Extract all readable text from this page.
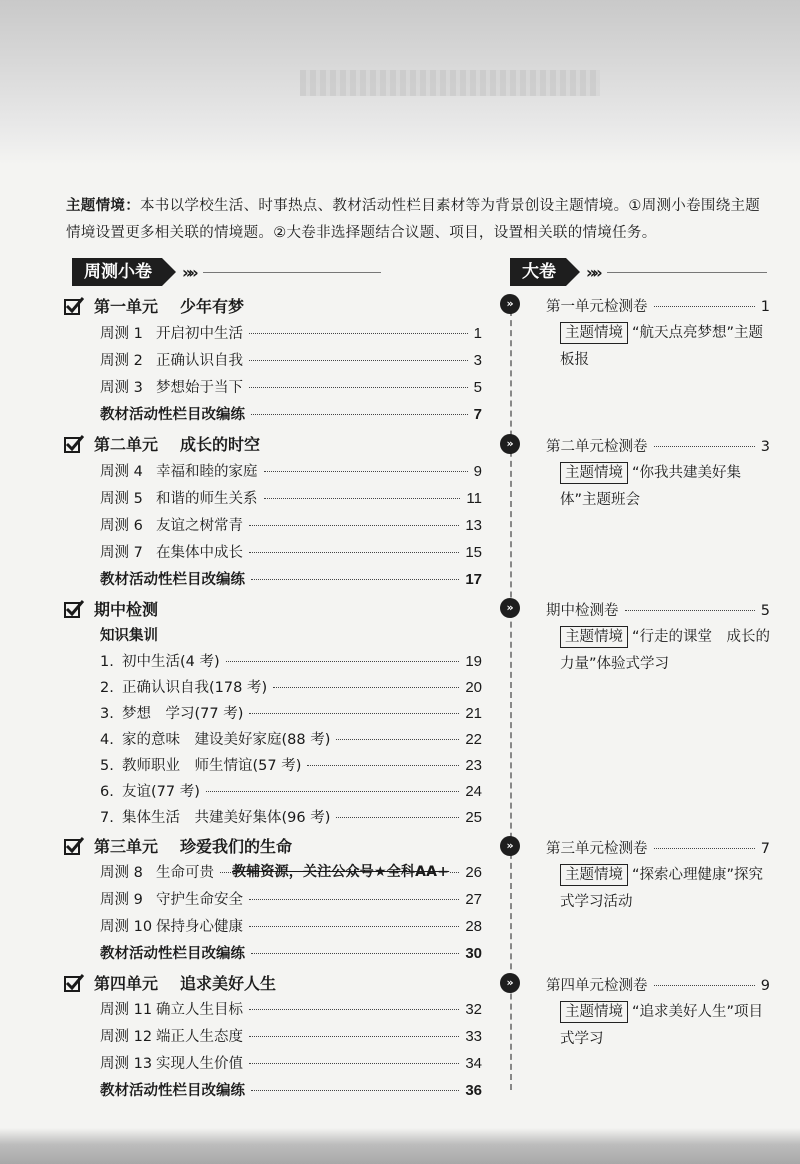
主题情境：本书以学校生活、时事热点、教材活动性栏目素材等为背景创设主题情境。①周测小卷围绕主题情境设置更多相关联的情境题。②大卷非选择题结合议题、项目，设置相关联的情境任务。
周测小卷	»»	大卷	»»
第一单元 少年有梦
周测 1 开启初中生活	1
周测 2 正确认识自我	3
周测 3 梦想始于当下	5
教材活动性栏目改编练	7
第二单元 成长的时空
周测 4 幸福和睦的家庭	9
周测 5 和谐的师生关系	11
周测 6 友谊之树常青	13
周测 7 在集体中成长	15
教材活动性栏目改编练	17
期中检测
知识集训
1. 初中生活(4 考)	19
2. 正确认识自我(178 考)	20
3. 梦想　学习(77 考)	21
4. 家的意味　建设美好家庭(88 考)	22
5. 教师职业　师生情谊(57 考)	23
6. 友谊(77 考)	24
7. 集体生活　共建美好集体(96 考)	25
第三单元 珍爱我们的生命
周测 8 生命可贵	26
教辅资源，关注公众号★全科AA+
周测 9 守护生命安全	27
周测 10 保持身心健康	28
教材活动性栏目改编练	30
第四单元 追求美好人生
周测 11 确立人生目标	32
周测 12 端正人生态度	33
周测 13 实现人生价值	34
教材活动性栏目改编练	36
»	第一单元检测卷	1
主题情境 “航天点亮梦想”主题板报
»	第二单元检测卷	3
主题情境 “你我共建美好集体”主题班会
»	期中检测卷	5
主题情境 “行走的课堂　成长的力量”体验式学习
»	第三单元检测卷	7
主题情境 “探索心理健康”探究式学习活动
»	第四单元检测卷	9
主题情境 “追求美好人生”项目式学习
